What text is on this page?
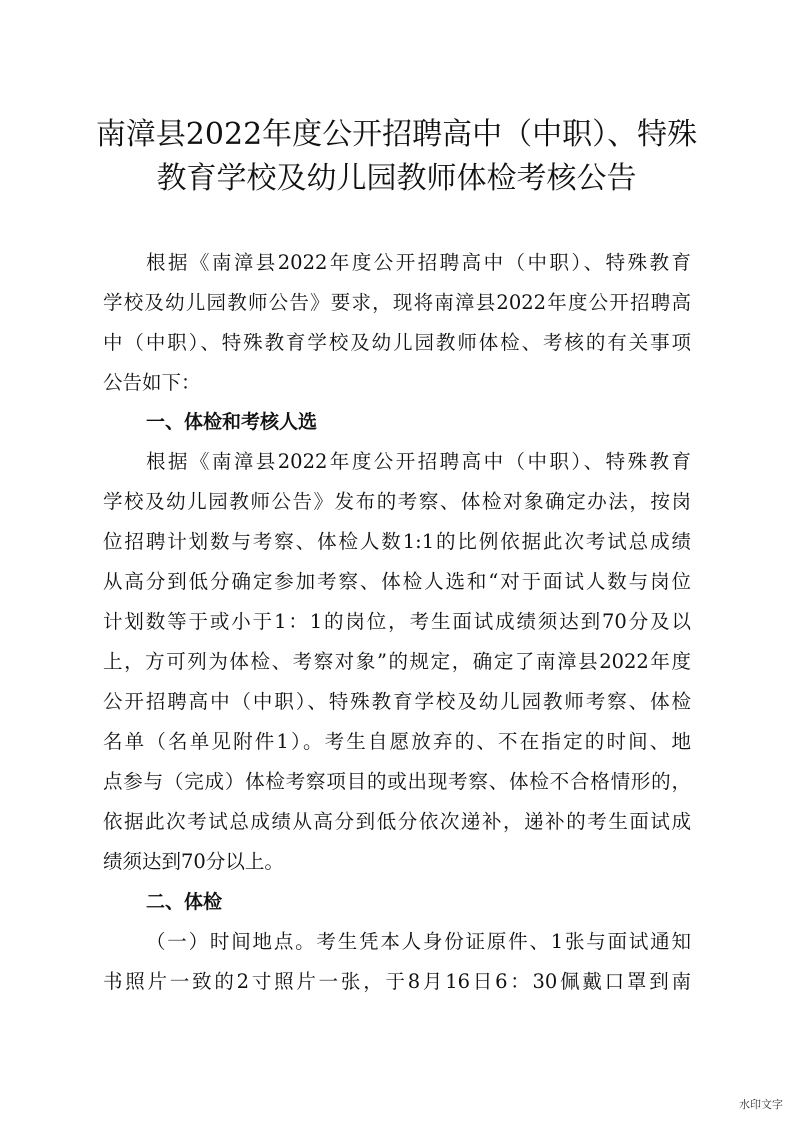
南漳县2022年度公开招聘高中（中职）、特殊
教育学校及幼儿园教师体检考核公告
根据《南漳县2022年度公开招聘高中（中职）、特殊教育
学校及幼儿园教师公告》要求，现将南漳县2022年度公开招聘高
中（中职）、特殊教育学校及幼儿园教师体检、考核的有关事项
公告如下：
一、体检和考核人选
根据《南漳县2022年度公开招聘高中（中职）、特殊教育
学校及幼儿园教师公告》发布的考察、体检对象确定办法，按岗
位招聘计划数与考察、体检人数1:1的比例依据此次考试总成绩
从高分到低分确定参加考察、体检人选和“对于面试人数与岗位
计划数等于或小于1：1的岗位，考生面试成绩须达到70分及以
上，方可列为体检、考察对象”的规定，确定了南漳县2022年度
公开招聘高中（中职）、特殊教育学校及幼儿园教师考察、体检
名单（名单见附件1）。考生自愿放弃的、不在指定的时间、地
点参与（完成）体检考察项目的或出现考察、体检不合格情形的，
依据此次考试总成绩从高分到低分依次递补，递补的考生面试成
绩须达到70分以上。
二、体检
（一）时间地点。考生凭本人身份证原件、1张与面试通知
书照片一致的2寸照片一张，于8月16日6：30佩戴口罩到南
水印文字
